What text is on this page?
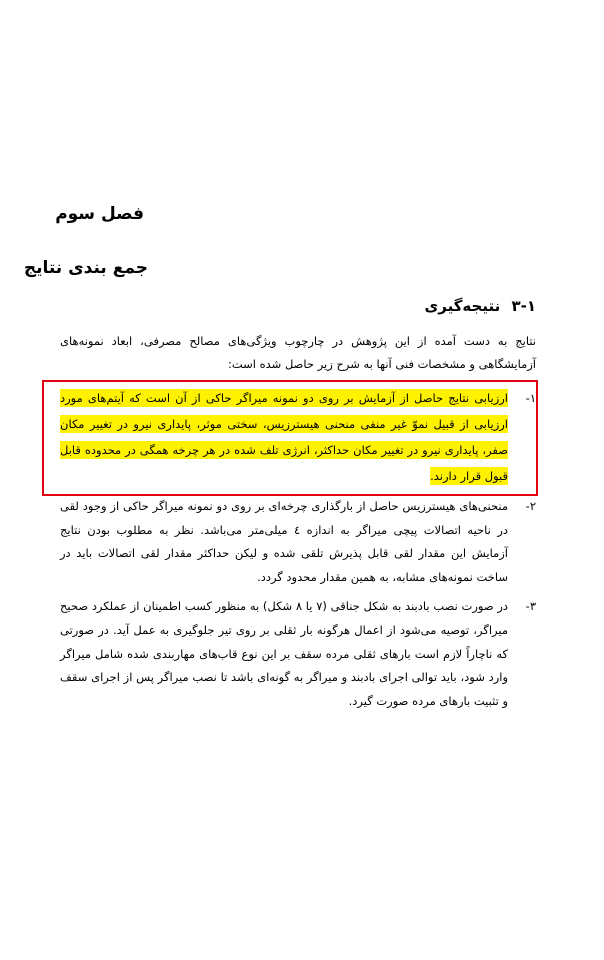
فصل سوم
جمع بندی نتایج
۳-۱ نتیجه‌گیری

نتایج به دست آمده از این پژوهش در چارچوب ویژگی‌های مصالح مصرفی، ابعاد نمونه‌های آزمایشگاهی و مشخصات فنی آنها به شرح زیر حاصل شده است:

۱-
ارزیابی نتایج حاصل از آزمایش بر روی دو نمونه میراگر حاکی از آن است که آیتم‌های مورد ارزیابی از قبیل نموّ غیر منفی منحنی هیسترزیس، سختی موثر، پایداری نیرو در تغییر مکان صفر، پایداری نیرو در تغییر مکان حداکثر، انرژی تلف شده در هر چرخه همگی در محدوده قابل قبول قرار دارند.
۲-
منحنی‌های هیسترزیس حاصل از بارگذاری چرخه‌ای بر روی دو نمونه میراگر حاکی از وجود لقی در ناحیه اتصالات پیچی میراگر به اندازه ٤ میلی‌متر می‌باشد. نظر به مطلوب بودن نتایج آزمایش این مقدار لقی قابل پذیرش تلقی شده و لیکن حداکثر مقدار لقی اتصالات باید در ساخت نمونه‌های مشابه، به همین مقدار محدود گردد.
۳-
در صورت نصب بادبند به شکل جناقی (۷ یا ۸ شکل) به منظور کسب اطمینان از عملکرد صحیح میراگر، توصیه می‌شود از اعمال هرگونه بار ثقلی بر روی تیر جلوگیری به عمل آید. در صورتی که ناچاراً لازم است بارهای ثقلی مرده سقف بر این نوع قاب‌های مهاربندی شده شامل میراگر وارد شود، باید توالی اجرای بادبند و میراگر به گونه‌ای باشد تا نصب میراگر پس از اجرای سقف و تثبیت بارهای مرده صورت گیرد.
